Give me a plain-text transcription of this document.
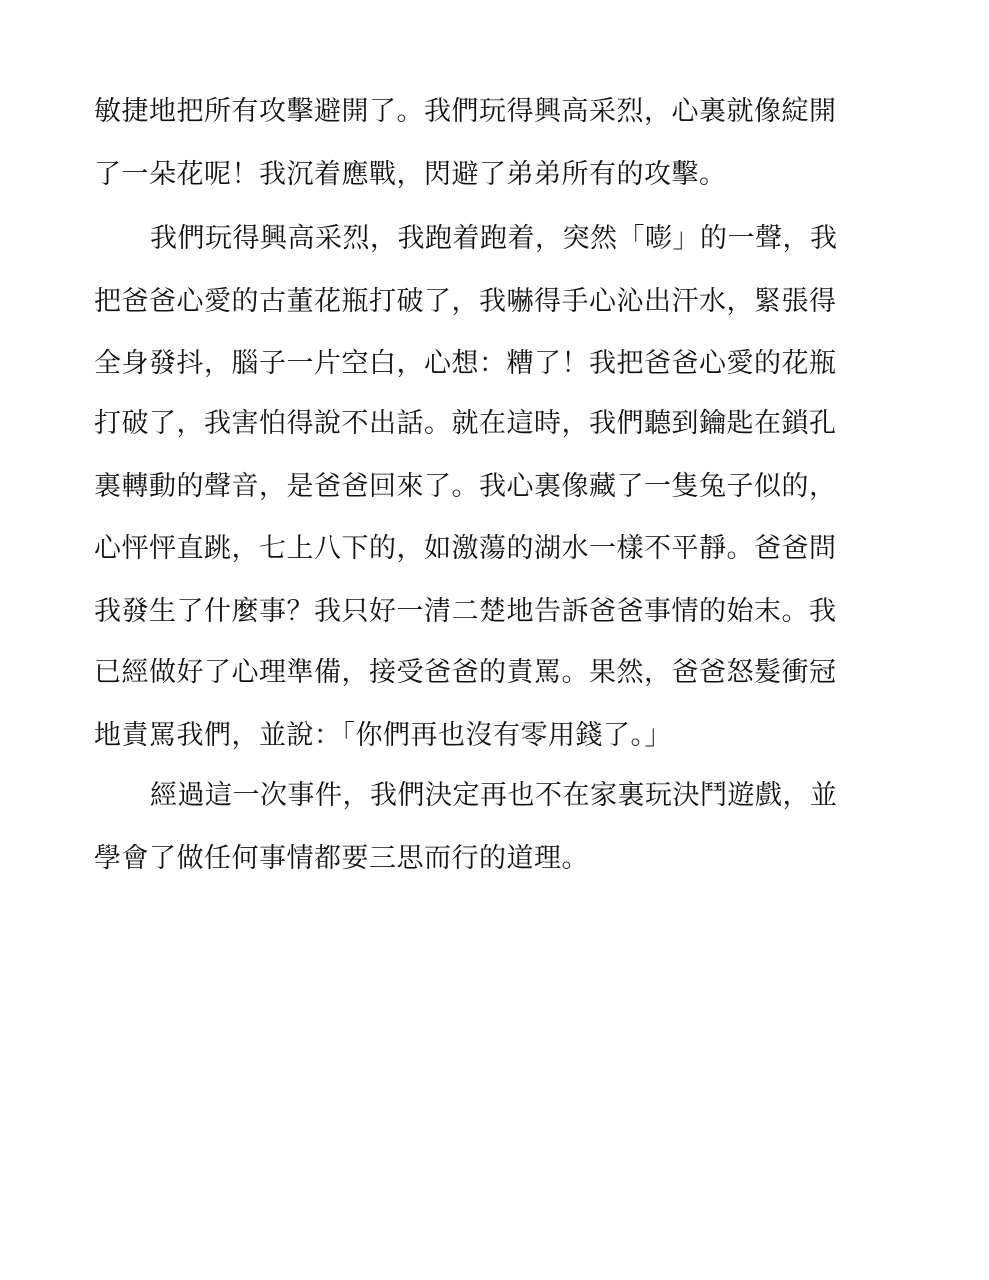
敏捷地把所有攻擊避開了。我們玩得興高采烈，心裏就像綻開
了一朵花呢！我沉着應戰，閃避了弟弟所有的攻擊。
我們玩得興高采烈，我跑着跑着，突然「嘭」的一聲，我
把爸爸心愛的古董花瓶打破了，我嚇得手心沁出汗水，緊張得
全身發抖，腦子一片空白，心想：糟了！我把爸爸心愛的花瓶
打破了，我害怕得說不出話。就在這時，我們聽到鑰匙在鎖孔
裏轉動的聲音，是爸爸回來了。我心裏像藏了一隻兔子似的，
心怦怦直跳，七上八下的，如激蕩的湖水一樣不平靜。爸爸問
我發生了什麼事？我只好一清二楚地告訴爸爸事情的始末。我
已經做好了心理準備，接受爸爸的責罵。果然，爸爸怒髮衝冠
地責罵我們，並說：「你們再也沒有零用錢了。」
經過這一次事件，我們決定再也不在家裏玩決鬥遊戲，並
學會了做任何事情都要三思而行的道理。
